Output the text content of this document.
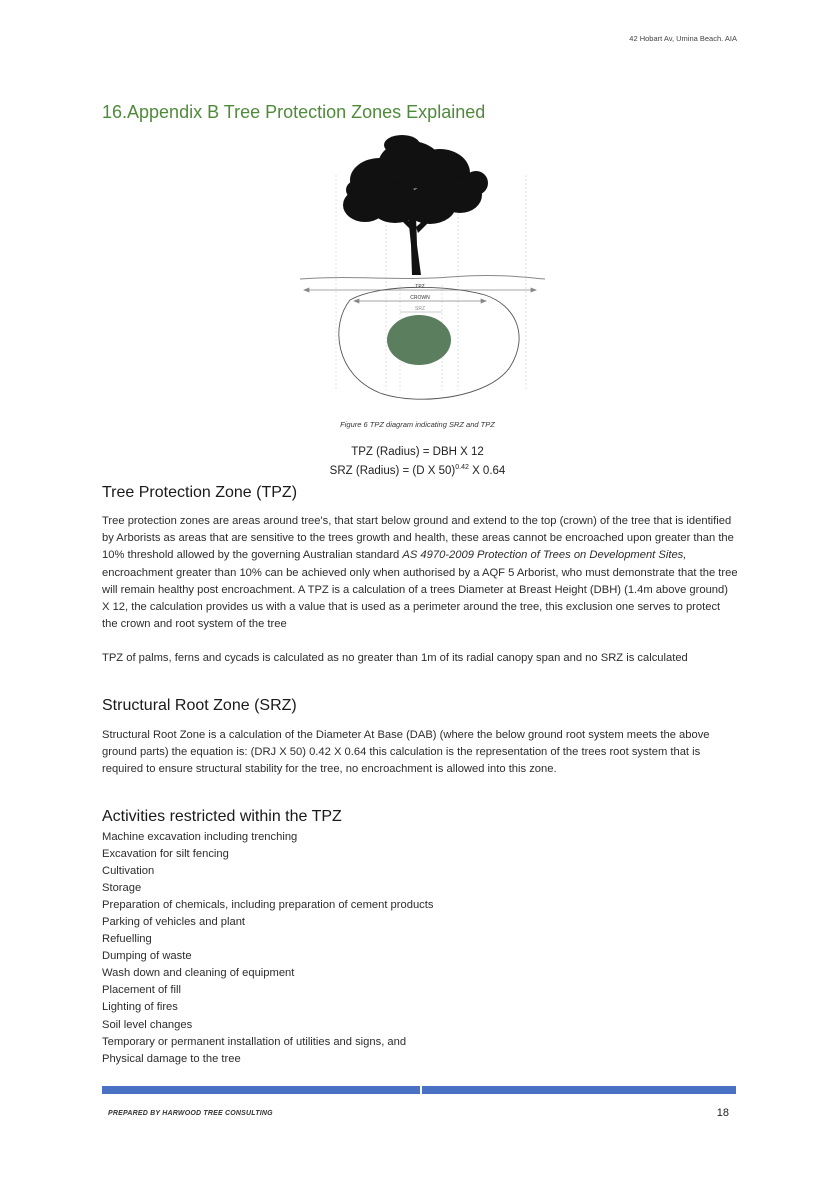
42 Hobart Av, Umina Beach. AIA
16.Appendix B Tree Protection Zones Explained
TPZ
CROWN
SRZ
Figure 6 TPZ diagram indicating SRZ and TPZ
TPZ (Radius) = DBH X 12
SRZ (Radius) = (D X 50)$^{0.42}$ X 0.64
Tree Protection Zone (TPZ)

Tree protection zones are areas around tree's, that start below ground and extend to the top (crown) of the tree that is identified by Arborists as areas that are sensitive to the trees growth and health, these areas cannot be encroached upon greater than the 10% threshold allowed by the governing Australian standard AS 4970-2009 Protection of Trees on Development Sites, encroachment greater than 10% can be achieved only when authorised by a AQF 5 Arborist, who must demonstrate that the tree will remain healthy post encroachment. A TPZ is a calculation of a trees Diameter at Breast Height (DBH) (1.4m above ground) X 12, the calculation provides us with a value that is used as a perimeter around the tree, this exclusion one serves to protect the crown and root system of the tree

TPZ of palms, ferns and cycads is calculated as no greater than 1m of its radial canopy span and no SRZ is calculated

Structural Root Zone (SRZ)

Structural Root Zone is a calculation of the Diameter At Base (DAB) (where the below ground root system meets the above ground parts) the equation is: (DRJ X 50) 0.42 X 0.64 this calculation is the representation of the trees root system that is required to ensure structural stability for the tree, no encroachment is allowed into this zone.

Activities restricted within the TPZ
Machine excavation including trenching
Excavation for silt fencing
Cultivation
Storage
Preparation of chemicals, including preparation of cement products
Parking of vehicles and plant
Refuelling
Dumping of waste
Wash down and cleaning of equipment
Placement of fill
Lighting of fires
Soil level changes
Temporary or permanent installation of utilities and signs, and
Physical damage to the tree
PREPARED BY HARWOOD TREE CONSULTING	18
